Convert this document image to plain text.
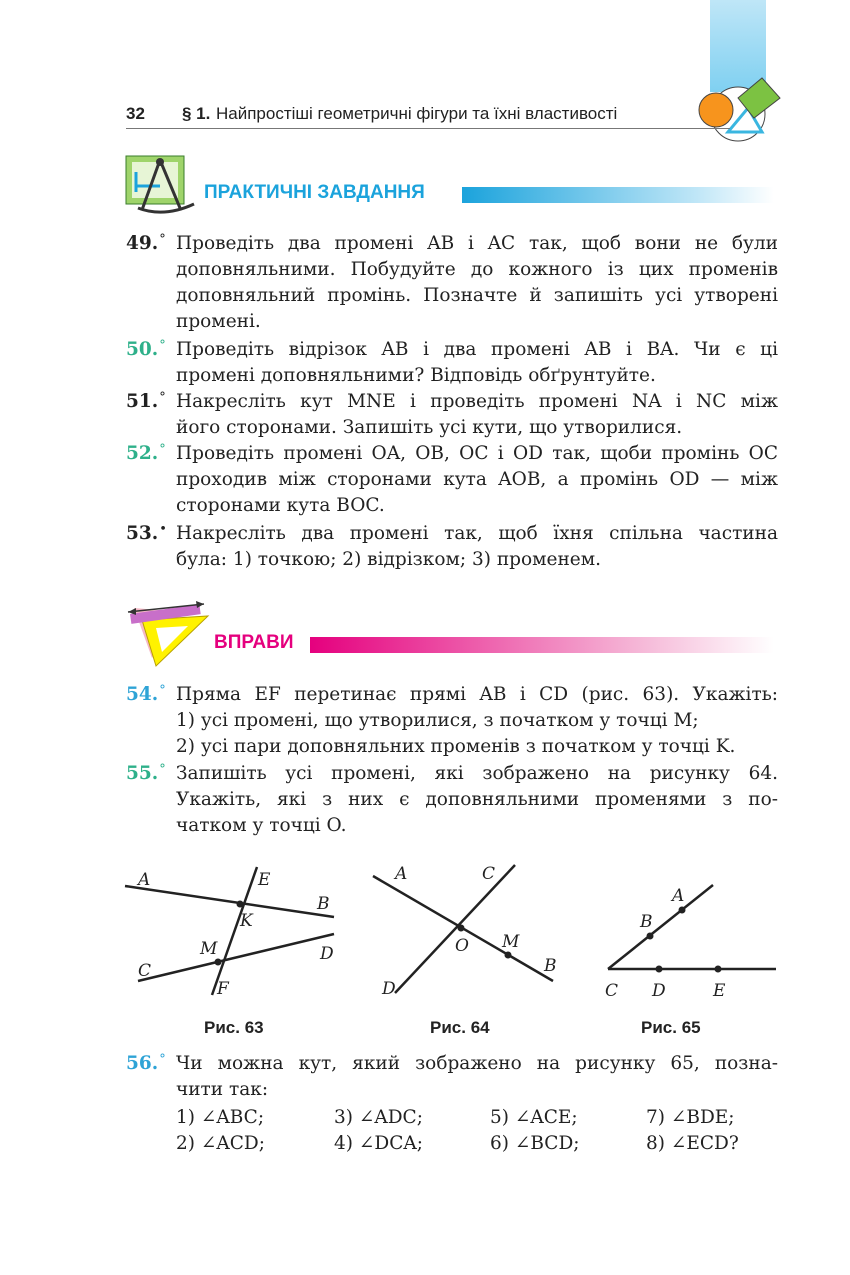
32 § 1. Найпростіші геометричні фігури та їхні властивості
ПРАКТИЧНІ ЗАВДАННЯ
49.° Проведіть два промені AB і AC так, щоб вони не були
доповняльними. Побудуйте до кожного із цих променів
доповняльний промінь. Позначте й запишіть усі утворені
промені.
50.° Проведіть відрізок AB і два промені AB і BA. Чи є ці
промені доповняльними? Відповідь обґрунтуйте.
51.° Накресліть кут MNE і проведіть промені NA і NC між
його сторонами. Запишіть усі кути, що утворилися.
52.° Проведіть промені OA, OB, OC і OD так, щоби промінь OC
проходив між сторонами кута AOB, а промінь OD — між
сторонами кута BOC.
53.• Накресліть два промені так, щоб їхня спільна частина
була: 1) точкою; 2) відрізком; 3) променем.
ВПРАВИ
54.° Пряма EF перетинає прямі AB і CD (рис. 63). Укажіть:
1) усі промені, що утворилися, з початком у точці M;
2) усі пари доповняльних променів з початком у точці K.
55.° Запишіть усі промені, які зображено на рисунку 64.
Укажіть, які з них є доповняльними променями з по-
чатком у точці O.
A	E
B
K
M	D
C
F
A	C
O M
B
D
A
B
C D	E
Рис. 63	Рис. 64	Рис. 65
56.° Чи можна кут, який зображено на рисунку 65, позна-
чити так:
1) ∠ABC;	3) ∠ADC;	5) ∠ACE;	7) ∠BDE;
2) ∠ACD;	4) ∠DCA;	6) ∠BCD;	8) ∠ECD?
